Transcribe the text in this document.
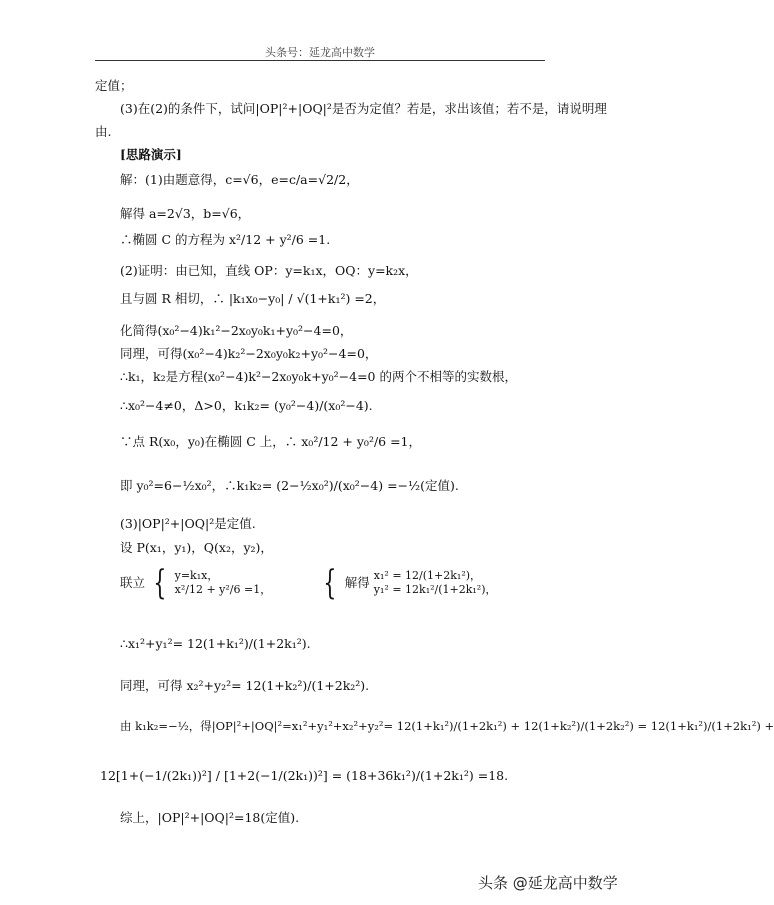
头条号：延龙高中数学
定值；
(3)在(2)的条件下，试问|OP|²+|OQ|²是否为定值？若是，求出该值；若不是，请说明理
由.
[思路演示]
解：(1)由题意得，c=√6，e=c/a=√2/2，
解得 a=2√3，b=√6，
∴椭圆 C 的方程为 x²/12 + y²/6 =1.
(2)证明：由已知，直线 OP：y=k₁x，OQ：y=k₂x，
且与圆 R 相切，∴ |k₁x₀−y₀| / √(1+k₁²) =2，
化简得(x₀²−4)k₁²−2x₀y₀k₁+y₀²−4=0，
同理，可得(x₀²−4)k₂²−2x₀y₀k₂+y₀²−4=0，
∴k₁，k₂是方程(x₀²−4)k²−2x₀y₀k+y₀²−4=0 的两个不相等的实数根，
∴x₀²−4≠0，Δ>0，k₁k₂= (y₀²−4)/(x₀²−4).
∵点 R(x₀，y₀)在椭圆 C 上，∴ x₀²/12 + y₀²/6 =1，
即 y₀²=6−½x₀²，∴k₁k₂= (2−½x₀²)/(x₀²−4) =−½(定值).
(3)|OP|²+|OQ|²是定值.
设 P(x₁，y₁)，Q(x₂，y₂)，
联立 { y=k₁x，
x²/12 + y²/6 =1， { 解得 x₁² = 12/(1+2k₁²)，
y₁² = 12k₁²/(1+2k₁²)，
∴x₁²+y₁²= 12(1+k₁²)/(1+2k₁²).
同理，可得 x₂²+y₂²= 12(1+k₂²)/(1+2k₂²).
由 k₁k₂=−½，得|OP|²+|OQ|²=x₁²+y₁²+x₂²+y₂²= 12(1+k₁²)/(1+2k₁²) + 12(1+k₂²)/(1+2k₂²) = 12(1+k₁²)/(1+2k₁²) +
12[1+(−1/(2k₁))²] / [1+2(−1/(2k₁))²] = (18+36k₁²)/(1+2k₁²) =18.
综上，|OP|²+|OQ|²=18(定值).
头条 @延龙高中数学
